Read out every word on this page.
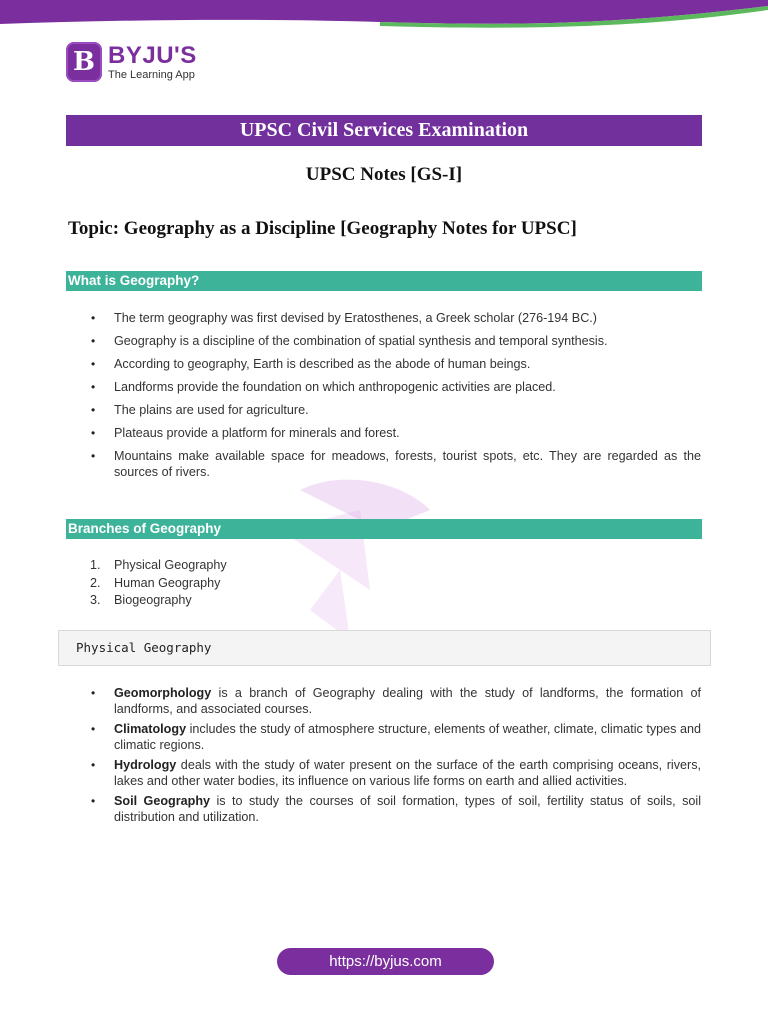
B BYJU'S
The Learning App
UPSC Civil Services Examination
UPSC Notes [GS-I]
Topic: Geography as a Discipline [Geography Notes for UPSC]
What is Geography?
• The term geography was first devised by Eratosthenes, a Greek scholar (276-194 BC.)
• Geography is a discipline of the combination of spatial synthesis and temporal synthesis.
• According to geography, Earth is described as the abode of human beings.
• Landforms provide the foundation on which anthropogenic activities are placed.
• The plains are used for agriculture.
• Plateaus provide a platform for minerals and forest.
• Mountains make available space for meadows, forests, tourist spots, etc. They are regarded as the sources of rivers.
Branches of Geography
1. Physical Geography
2. Human Geography
3. Biogeography
Physical Geography
• Geomorphology is a branch of Geography dealing with the study of landforms, the formation of landforms, and associated courses.
• Climatology includes the study of atmosphere structure, elements of weather, climate, climatic types and climatic regions.
• Hydrology deals with the study of water present on the surface of the earth comprising oceans, rivers, lakes and other water bodies, its influence on various life forms on earth and allied activities.
• Soil Geography is to study the courses of soil formation, types of soil, fertility status of soils, soil distribution and utilization.
https://byjus.com
